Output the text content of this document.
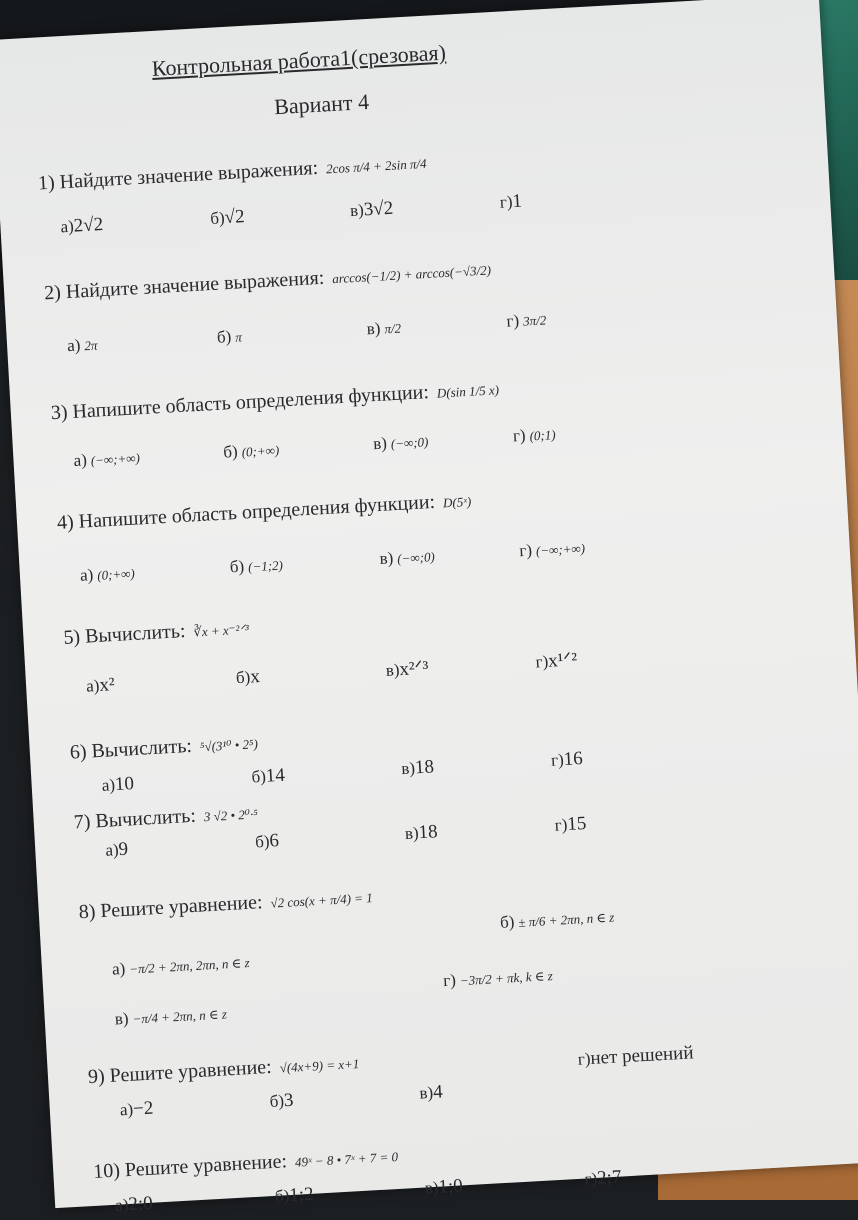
Контрольная работа1(срезовая)
Вариант 4
1) Найдите значение выражения: 2cos π/4 + 2sin π/4
а)2√2	б)√2	в)3√2	г)1
2) Найдите значение выражения: arccos(−1/2) + arccos(−√3/2)
а) 2π	б) π	в) π/2	г) 3π/2
3) Напишите область определения функции: D(sin 1/5 x)
а) (−∞;+∞)	б) (0;+∞)	в) (−∞;0)	г) (0;1)
4) Напишите область определения функции: D(5ˣ)
а) (0;+∞)	б) (−1;2)	в) (−∞;0)	г) (−∞;+∞)
5) Вычислить: ∛x + x⁻²ᐟ³
а)x²	б)x	в)x²ᐟ³	г)x¹ᐟ²
6) Вычислить: ⁵√(3¹⁰ • 2⁵)
а)10	б)14	в)18	г)16
7) Вычислить: 3 √2 • 2⁰·⁵
а)9	б)6	в)18	г)15
8) Решите уравнение: √2 cos(x + π/4) = 1
б) ± π/6 + 2πn, n ∈ z
а) −π/2 + 2πn, 2πn, n ∈ z
г) −3π/2 + πk, k ∈ z
в) −π/4 + 2πn, n ∈ z
9) Решите уравнение: √(4x+9) = x+1
а)−2	б)3	в)4
г)нет решений
10) Решите уравнение: 49ˣ − 8 • 7ˣ + 7 = 0
а)2;0	б)1;2	в)1;0	г)2;7
